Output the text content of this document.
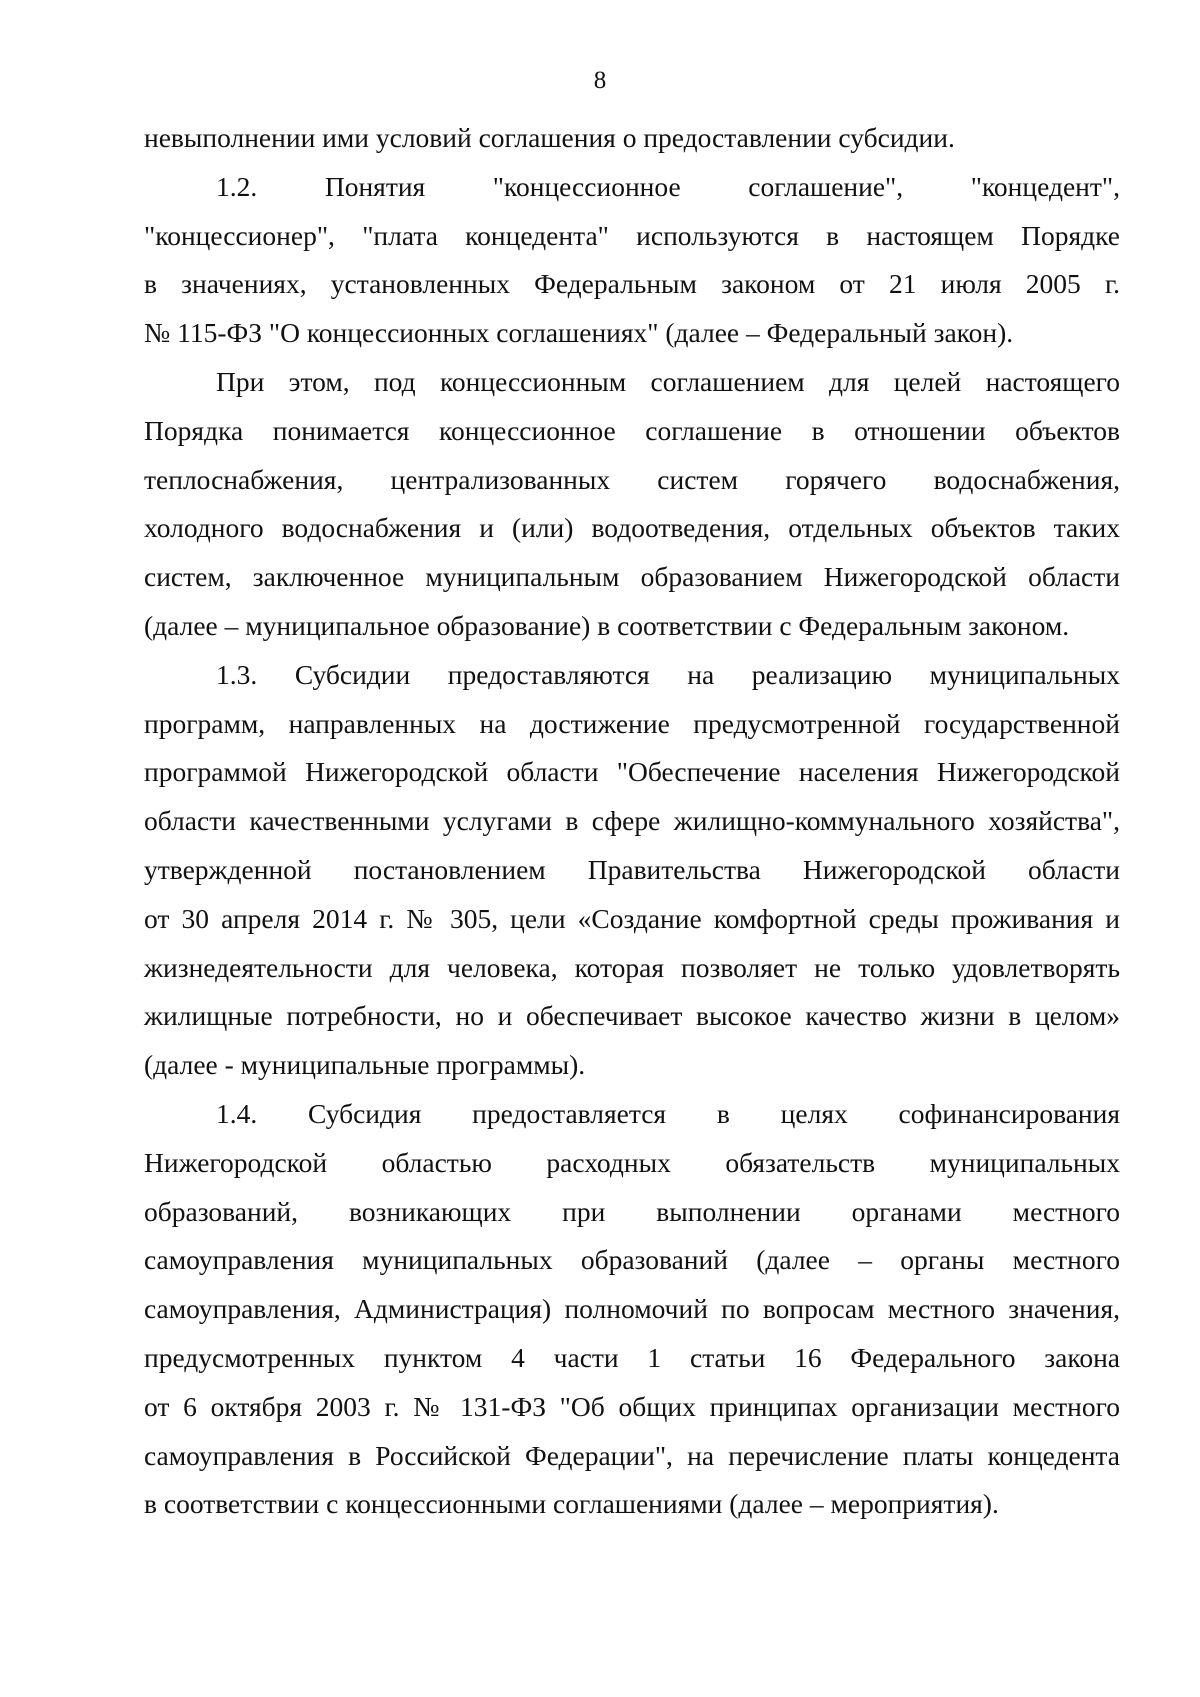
8
невыполнении ими условий соглашения о предоставлении субсидии.
1.2. Понятия "концессионное соглашение", "концедент",
"концессионер", "плата концедента" используются в настоящем Порядке
в значениях, установленных Федеральным законом от 21 июля 2005 г.
№ 115-ФЗ "О концессионных соглашениях" (далее – Федеральный закон).
При этом, под концессионным соглашением для целей настоящего
Порядка понимается концессионное соглашение в отношении объектов
теплоснабжения, централизованных систем горячего водоснабжения,
холодного водоснабжения и (или) водоотведения, отдельных объектов таких
систем, заключенное муниципальным образованием Нижегородской области
(далее – муниципальное образование) в соответствии с Федеральным законом.
1.3. Субсидии предоставляются на реализацию муниципальных
программ, направленных на достижение предусмотренной государственной
программой Нижегородской области "Обеспечение населения Нижегородской
области качественными услугами в сфере жилищно-коммунального хозяйства",
утвержденной постановлением Правительства Нижегородской области
от 30 апреля 2014 г. № 305, цели «Создание комфортной среды проживания и
жизнедеятельности для человека, которая позволяет не только удовлетворять
жилищные потребности, но и обеспечивает высокое качество жизни в целом»
(далее - муниципальные программы).
1.4. Субсидия предоставляется в целях софинансирования
Нижегородской областью расходных обязательств муниципальных
образований, возникающих при выполнении органами местного
самоуправления муниципальных образований (далее – органы местного
самоуправления, Администрация) полномочий по вопросам местного значения,
предусмотренных пунктом 4 части 1 статьи 16 Федерального закона
от 6 октября 2003 г. № 131-ФЗ "Об общих принципах организации местного
самоуправления в Российской Федерации", на перечисление платы концедента
в соответствии с концессионными соглашениями (далее – мероприятия).
